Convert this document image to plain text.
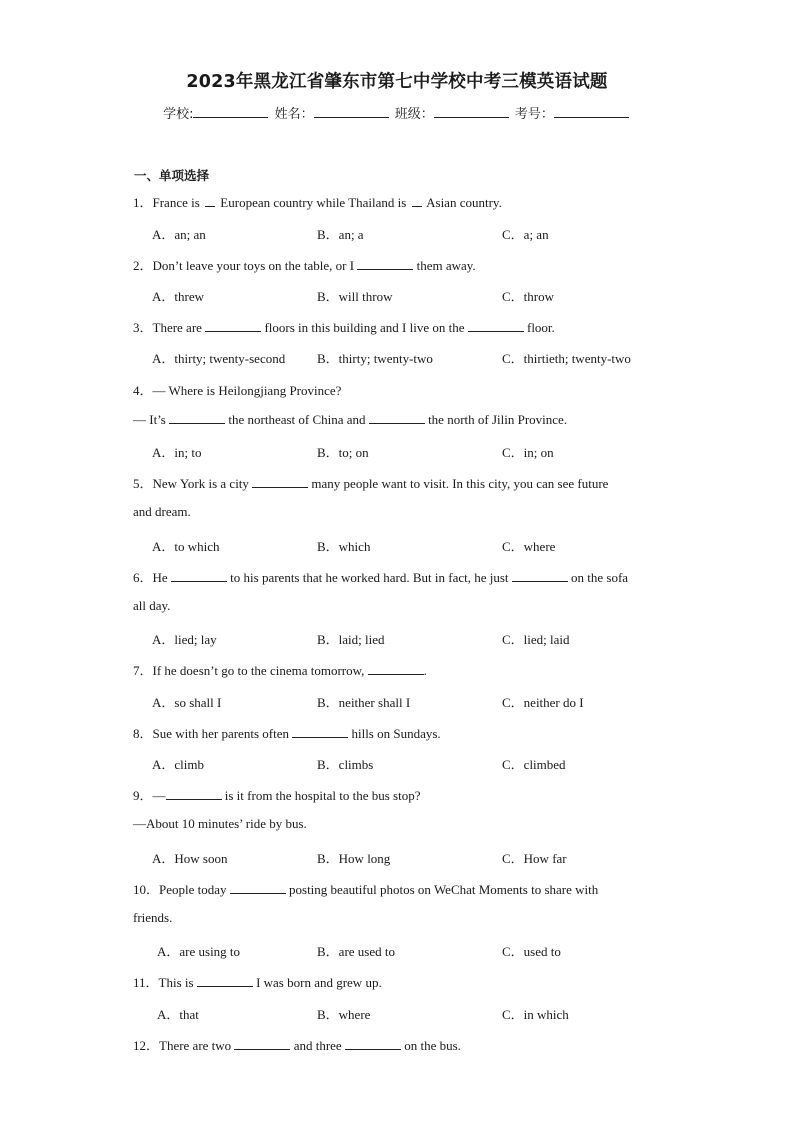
2023年黑龙江省肇东市第七中学校中考三模英语试题
学校:	姓名：	班级：	考号：
一、单项选择
1．France is  European country while Thailand is  Asian country.
A．an; an	B．an; a	C．a; an
2．Don’t leave your toys on the table, or I	them away.
A．threw	B．will throw	C．throw
3．There are	floors in this building and I live on the	floor.
A．thirty; twenty-second B．thirty; twenty-two	C．thirtieth; twenty-two
4．— Where is Heilongjiang Province?
— It’s	the northeast of China and	the north of Jilin Province.
A．in; to	B．to; on	C．in; on
5．New York is a city	many people want to visit. In this city, you can see future
and dream.
A．to which	B．which	C．where
6．He	to his parents that he worked hard. But in fact, he just	on the sofa
all day.
A．lied; lay	B．laid; lied	C．lied; laid
7．If he doesn’t go to the cinema tomorrow,	.
A．so shall I	B．neither shall I	C．neither do I
8．Sue with her parents often	hills on Sundays.
A．climb	B．climbs	C．climbed
9．—	is it from the hospital to the bus stop?
—About 10 minutes’ ride by bus.
A．How soon	B．How long	C．How far
10．People today	posting beautiful photos on WeChat Moments to share with
friends.
A．are using to	B．are used to	C．used to
11．This is	I was born and grew up.
A．that	B．where	C．in which
12．There are two	and three	on the bus.
